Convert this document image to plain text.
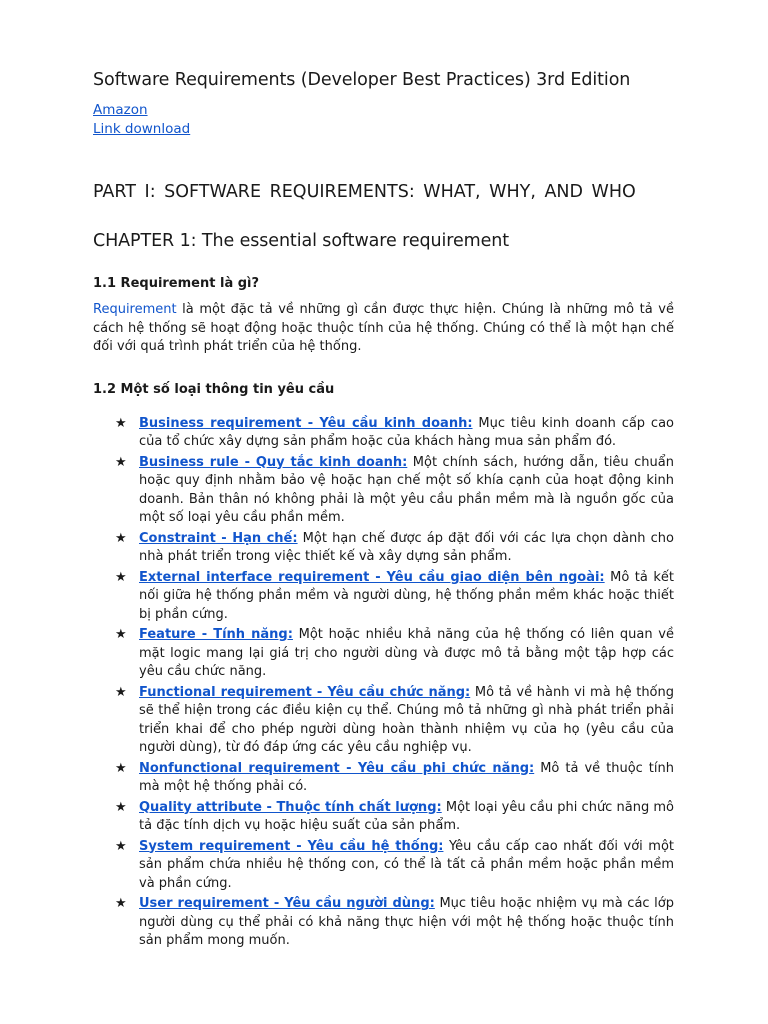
Software Requirements (Developer Best Practices) 3rd Edition
Amazon
Link download
PART I: SOFTWARE REQUIREMENTS: WHAT, WHY, AND WHO
CHAPTER 1: The essential software requirement
1.1 Requirement là gì?

Requirement là một đặc tả về những gì cần được thực hiện. Chúng là những mô tả về cách hệ thống sẽ hoạt động hoặc thuộc tính của hệ thống. Chúng có thể là một hạn chế đối với quá trình phát triển của hệ thống.

1.2 Một số loại thông tin yêu cầu
★ Business requirement - Yêu cầu kinh doanh: Mục tiêu kinh doanh cấp cao của tổ chức xây dựng sản phẩm hoặc của khách hàng mua sản phẩm đó.
★ Business rule - Quy tắc kinh doanh: Một chính sách, hướng dẫn, tiêu chuẩn hoặc quy định nhằm bảo vệ hoặc hạn chế một số khía cạnh của hoạt động kinh doanh. Bản thân nó không phải là một yêu cầu phần mềm mà là nguồn gốc của một số loại yêu cầu phần mềm.
★ Constraint - Hạn chế: Một hạn chế được áp đặt đối với các lựa chọn dành cho nhà phát triển trong việc thiết kế và xây dựng sản phẩm.
★ External interface requirement - Yêu cầu giao diện bên ngoài: Mô tả kết nối giữa hệ thống phần mềm và người dùng, hệ thống phần mềm khác hoặc thiết bị phần cứng.
★ Feature - Tính năng: Một hoặc nhiều khả năng của hệ thống có liên quan về mặt logic mang lại giá trị cho người dùng và được mô tả bằng một tập hợp các yêu cầu chức năng.
★ Functional requirement - Yêu cầu chức năng: Mô tả về hành vi mà hệ thống sẽ thể hiện trong các điều kiện cụ thể. Chúng mô tả những gì nhà phát triển phải triển khai để cho phép người dùng hoàn thành nhiệm vụ của họ (yêu cầu của người dùng), từ đó đáp ứng các yêu cầu nghiệp vụ.
★ Nonfunctional requirement - Yêu cầu phi chức năng: Mô tả về thuộc tính mà một hệ thống phải có.
★ Quality attribute - Thuộc tính chất lượng: Một loại yêu cầu phi chức năng mô tả đặc tính dịch vụ hoặc hiệu suất của sản phẩm.
★ System requirement - Yêu cầu hệ thống: Yêu cầu cấp cao nhất đối với một sản phẩm chứa nhiều hệ thống con, có thể là tất cả phần mềm hoặc phần mềm và phần cứng.
★ User requirement - Yêu cầu người dùng: Mục tiêu hoặc nhiệm vụ mà các lớp người dùng cụ thể phải có khả năng thực hiện với một hệ thống hoặc thuộc tính sản phẩm mong muốn.
